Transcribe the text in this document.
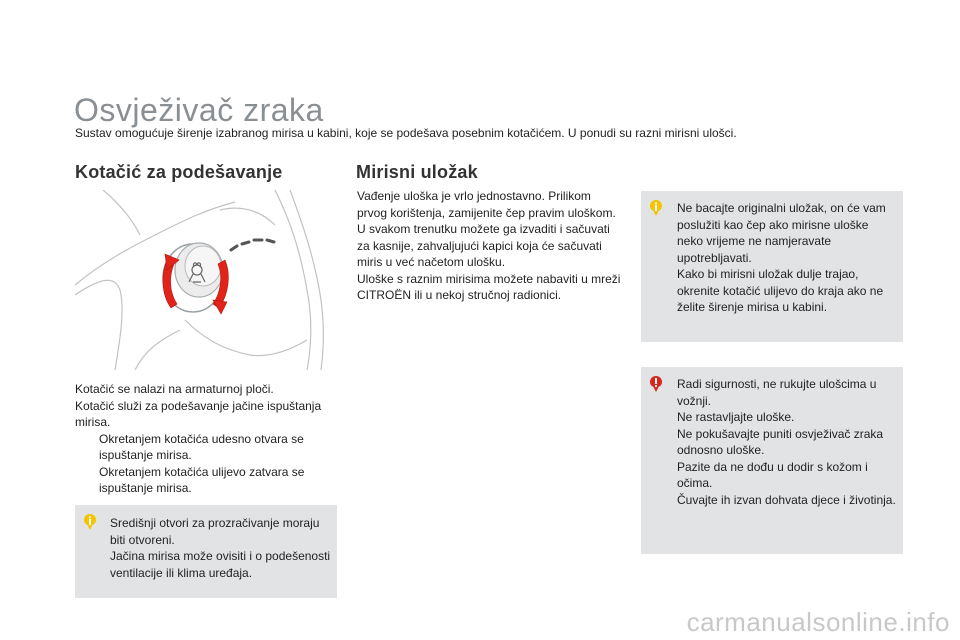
Osvježivač zraka

Sustav omogućuje širenje izabranog mirisa u kabini, koje se podešava posebnim kotačićem. U ponudi su razni mirisni ulošci.

Kotačić za podešavanje

Kotačić se nalazi na armaturnoj ploči.

Kotačić služi za podešavanje jačine ispuštanja mirisa.

Okretanjem kotačića udesno otvara se ispuštanje mirisa.
Okretanjem kotačića ulijevo zatvara se ispuštanje mirisa.

Središnji otvori za prozračivanje moraju biti otvoreni.

Jačina mirisa može ovisiti i o podešenosti ventilacije ili klima uređaja.

Mirisni uložak

Vađenje uloška je vrlo jednostavno. Prilikom prvog korištenja, zamijenite čep pravim uloškom.

U svakom trenutku možete ga izvaditi i sačuvati za kasnije, zahvaljujući kapici koja će sačuvati miris u već načetom ulošku.

Uloške s raznim mirisima možete nabaviti u mreži CITROËN ili u nekoj stručnoj radionici.

Ne bacajte originalni uložak, on će vam poslužiti kao čep ako mirisne uloške neko vrijeme ne namjeravate upotrebljavati.

Kako bi mirisni uložak dulje trajao, okrenite kotačić ulijevo do kraja ako ne želite širenje mirisa u kabini.

Radi sigurnosti, ne rukujte ulošcima u vožnji.

Ne rastavljajte uloške.

Ne pokušavajte puniti osvježivač zraka odnosno uloške.

Pazite da ne dođu u dodir s kožom i očima.

Čuvajte ih izvan dohvata djece i životinja.

carmanualsonline.info
